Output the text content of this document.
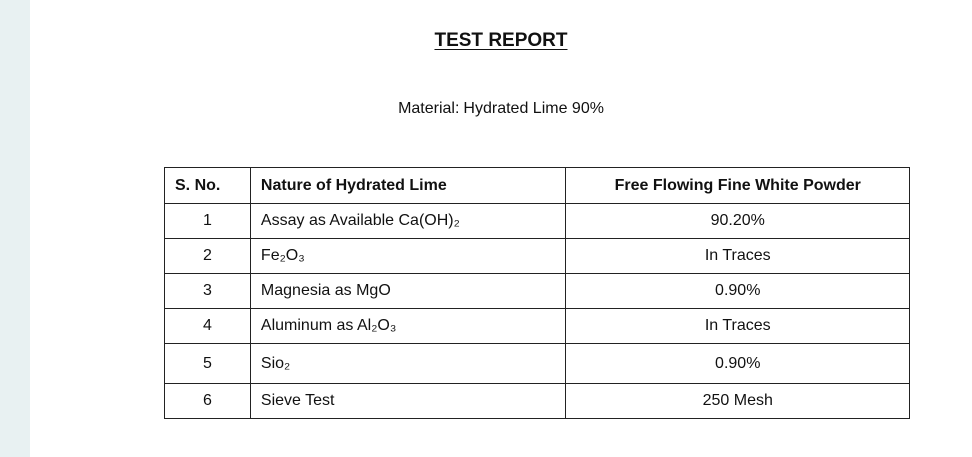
TEST REPORT
Material: Hydrated Lime 90%
S. No.	Nature of Hydrated Lime	Free Flowing Fine White Powder
1	Assay as Available Ca(OH)₂	90.20%
2	Fe₂O₃	In Traces
3	Magnesia as MgO	0.90%
4	Aluminum as Al₂O₃	In Traces
5	Sio₂	0.90%
6	Sieve Test	250 Mesh
